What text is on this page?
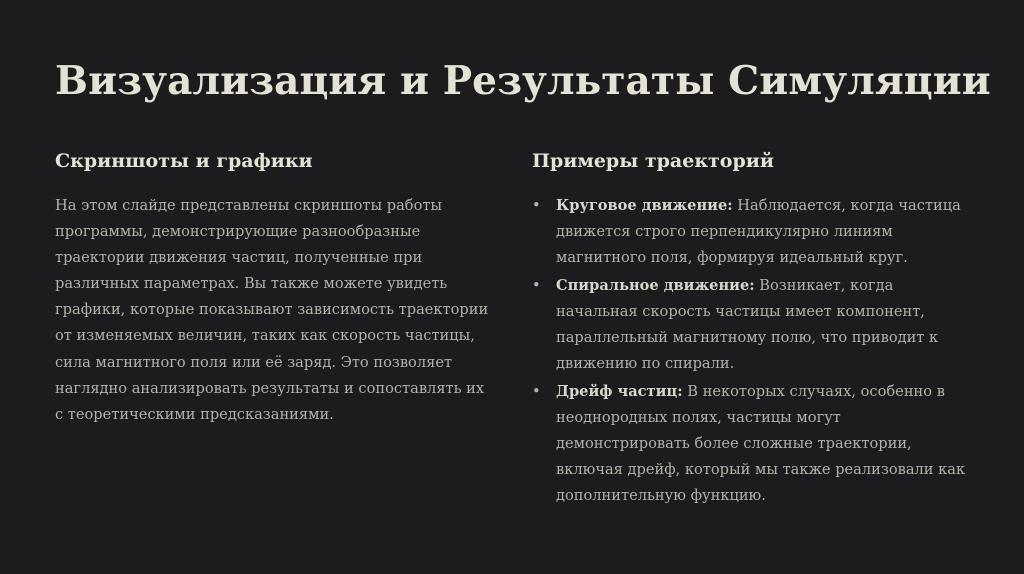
Визуализация и Результаты Симуляции
Скриншоты и графики

На этом слайде представлены скриншоты работы программы, демонстрирующие разнообразные траектории движения частиц, полученные при различных параметрах. Вы также можете увидеть графики, которые показывают зависимость траектории от изменяемых величин, таких как скорость частицы, сила магнитного поля или её заряд. Это позволяет наглядно анализировать результаты и сопоставлять их с теоретическими предсказаниями.

Примеры траекторий
• Круговое движение: Наблюдается, когда частица движется строго перпендикулярно линиям магнитного поля, формируя идеальный круг.
• Спиральное движение: Возникает, когда начальная скорость частицы имеет компонент, параллельный магнитному полю, что приводит к движению по спирали.
• Дрейф частиц: В некоторых случаях, особенно в неоднородных полях, частицы могут демонстрировать более сложные траектории, включая дрейф, который мы также реализовали как дополнительную функцию.
